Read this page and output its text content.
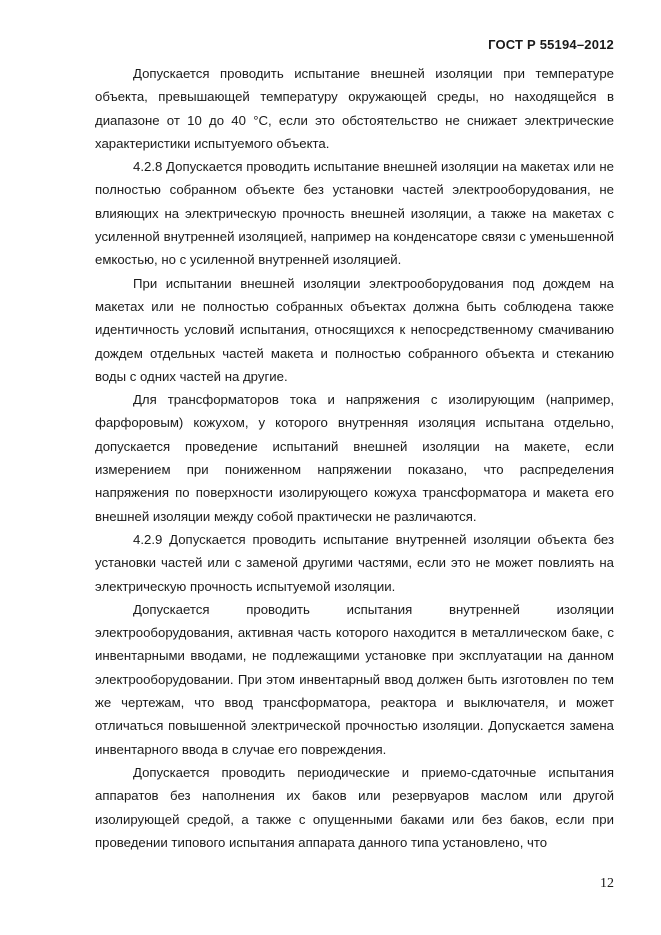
ГОСТ Р 55194–2012

Допускается проводить испытание внешней изоляции при температуре объекта, превышающей температуру окружающей среды, но находящейся в диапазоне от 10 до 40 °С, если это обстоятельство не снижает электрические характеристики испытуемого объекта.

4.2.8 Допускается проводить испытание внешней изоляции на макетах или не полностью собранном объекте без установки частей электрооборудования, не влияющих на электрическую прочность внешней изоляции, а также на макетах с усиленной внутренней изоляцией, например на конденсаторе связи с уменьшенной емкостью, но с усиленной внутренней изоляцией.

При испытании внешней изоляции электрооборудования под дождем на макетах или не полностью собранных объектах должна быть соблюдена также идентичность условий испытания, относящихся к непосредственному смачиванию дождем отдельных частей макета и полностью собранного объекта и стеканию воды с одних частей на другие.

Для трансформаторов тока и напряжения с изолирующим (например, фарфоровым) кожухом, у которого внутренняя изоляция испытана отдельно, допускается проведение испытаний внешней изоляции на макете, если измерением при пониженном напряжении показано, что распределения напряжения по поверхности изолирующего кожуха трансформатора и макета его внешней изоляции между собой практически не различаются.

4.2.9 Допускается проводить испытание внутренней изоляции объекта без установки частей или с заменой другими частями, если это не может повлиять на электрическую прочность испытуемой изоляции.

Допускается проводить испытания внутренней изоляции электрооборудования, активная часть которого находится в металлическом баке, с инвентарными вводами, не подлежащими установке при эксплуатации на данном электрооборудовании. При этом инвентарный ввод должен быть изготовлен по тем же чертежам, что ввод трансформатора, реактора и выключателя, и может отличаться повышенной электрической прочностью изоляции. Допускается замена инвентарного ввода в случае его повреждения.

Допускается проводить периодические и приемо-сдаточные испытания аппаратов без наполнения их баков или резервуаров маслом или другой изолирующей средой, а также с опущенными баками или без баков, если при проведении типового испытания аппарата данного типа установлено, что

12
